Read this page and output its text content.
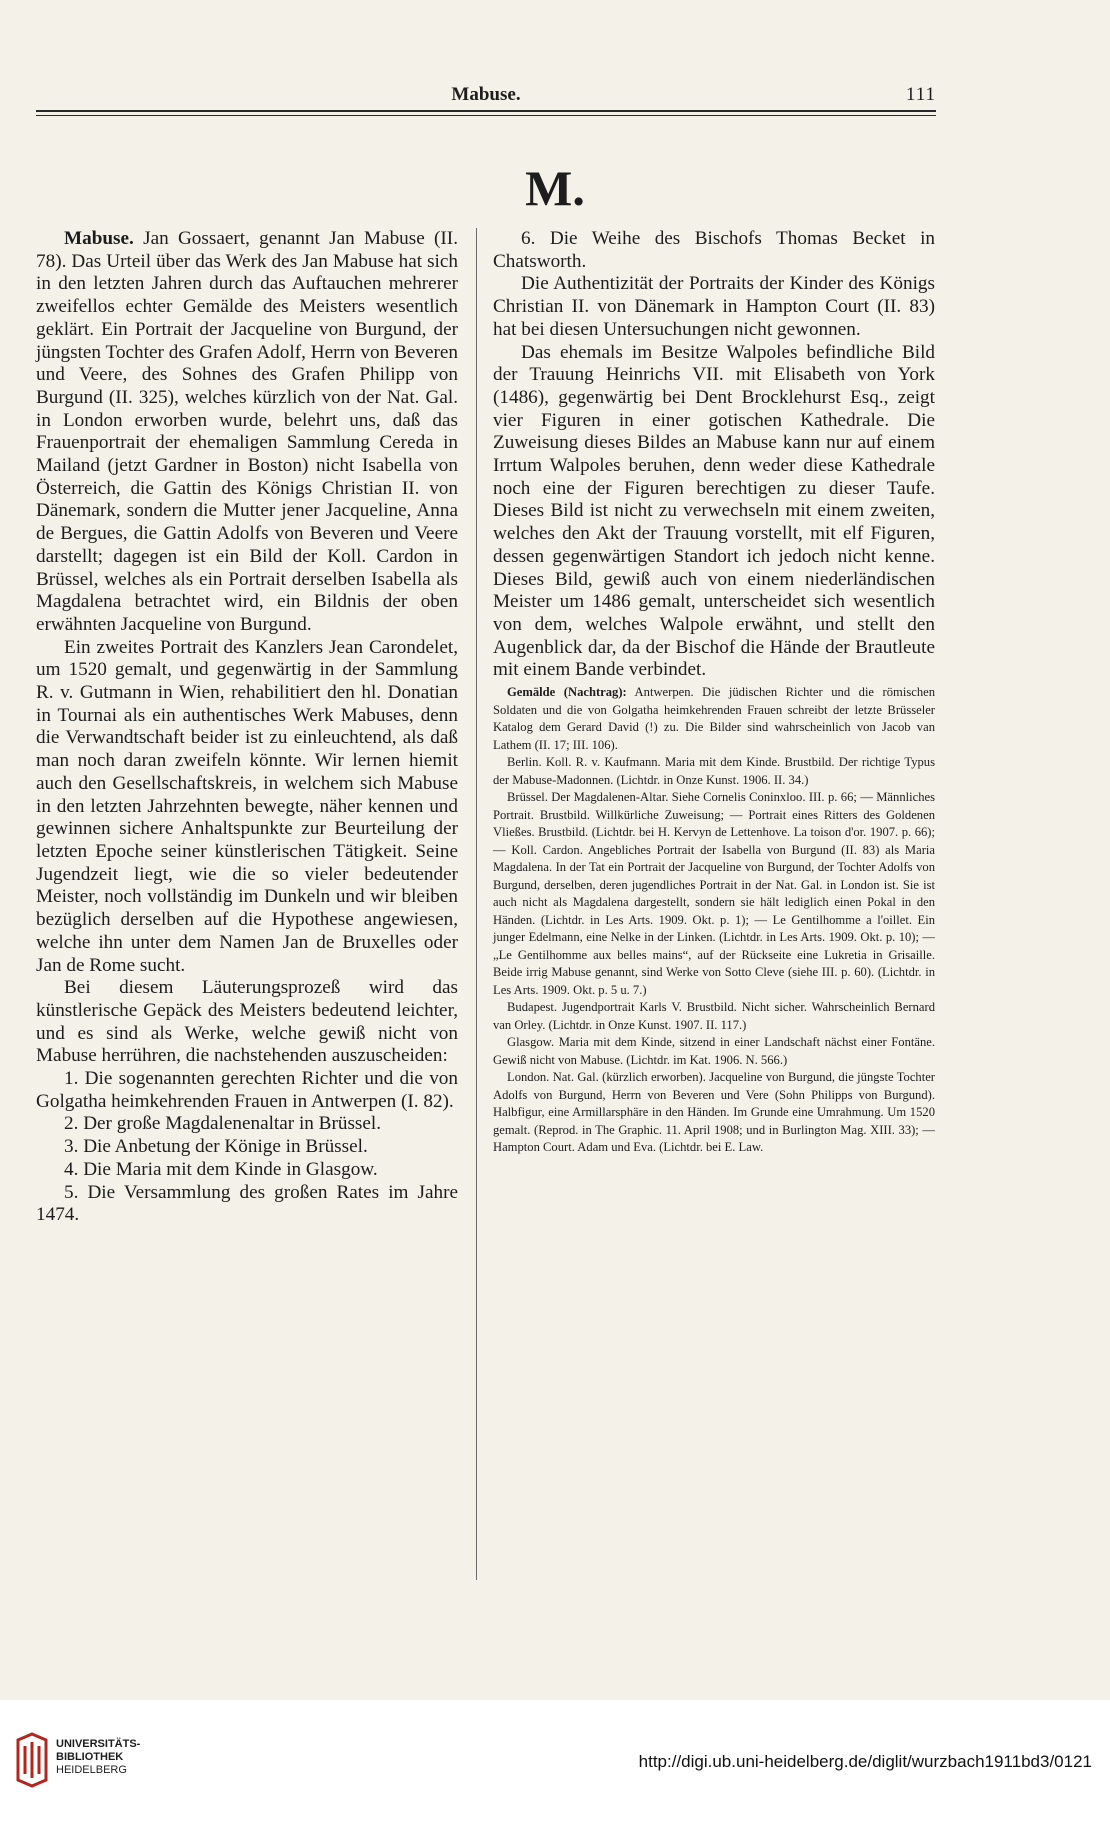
Mabuse.	111
M.

Mabuse. Jan Gossaert, genannt Jan Mabuse (II. 78). Das Urteil über das Werk des Jan Mabuse hat sich in den letzten Jahren durch das Auftauchen mehrerer zweifellos echter Gemälde des Meisters wesentlich geklärt. Ein Portrait der Jacqueline von Burgund, der jüngsten Tochter des Grafen Adolf, Herrn von Beveren und Veere, des Sohnes des Grafen Philipp von Burgund (II. 325), welches kürzlich von der Nat. Gal. in London erworben wurde, belehrt uns, daß das Frauenportrait der ehemaligen Sammlung Cereda in Mailand (jetzt Gardner in Boston) nicht Isabella von Österreich, die Gattin des Königs Christian II. von Dänemark, sondern die Mutter jener Jacqueline, Anna de Bergues, die Gattin Adolfs von Beveren und Veere darstellt; dagegen ist ein Bild der Koll. Cardon in Brüssel, welches als ein Portrait derselben Isabella als Magdalena betrachtet wird, ein Bildnis der oben erwähnten Jacqueline von Burgund.

Ein zweites Portrait des Kanzlers Jean Carondelet, um 1520 gemalt, und gegenwärtig in der Sammlung R. v. Gutmann in Wien, rehabilitiert den hl. Donatian in Tournai als ein authentisches Werk Mabuses, denn die Verwandtschaft beider ist zu einleuchtend, als daß man noch daran zweifeln könnte. Wir lernen hiemit auch den Gesellschaftskreis, in welchem sich Mabuse in den letzten Jahrzehnten bewegte, näher kennen und gewinnen sichere Anhaltspunkte zur Beurteilung der letzten Epoche seiner künstlerischen Tätigkeit. Seine Jugendzeit liegt, wie die so vieler bedeutender Meister, noch vollständig im Dunkeln und wir bleiben bezüglich derselben auf die Hypothese angewiesen, welche ihn unter dem Namen Jan de Bruxelles oder Jan de Rome sucht.

Bei diesem Läuterungsprozeß wird das künstlerische Gepäck des Meisters bedeutend leichter, und es sind als Werke, welche gewiß nicht von Mabuse herrühren, die nachstehenden auszuscheiden:

1. Die sogenannten gerechten Richter und die von Golgatha heimkehrenden Frauen in Antwerpen (I. 82).

2. Der große Magdalenenaltar in Brüssel.

3. Die Anbetung der Könige in Brüssel.

4. Die Maria mit dem Kinde in Glasgow.

5. Die Versammlung des großen Rates im Jahre 1474.

6. Die Weihe des Bischofs Thomas Becket in Chatsworth.

Die Authentizität der Portraits der Kinder des Königs Christian II. von Dänemark in Hampton Court (II. 83) hat bei diesen Untersuchungen nicht gewonnen.

Das ehemals im Besitze Walpoles befindliche Bild der Trauung Heinrichs VII. mit Elisabeth von York (1486), gegenwärtig bei Dent Brocklehurst Esq., zeigt vier Figuren in einer gotischen Kathedrale. Die Zuweisung dieses Bildes an Mabuse kann nur auf einem Irrtum Walpoles beruhen, denn weder diese Kathedrale noch eine der Figuren berechtigen zu dieser Taufe. Dieses Bild ist nicht zu verwechseln mit einem zweiten, welches den Akt der Trauung vorstellt, mit elf Figuren, dessen gegenwärtigen Standort ich jedoch nicht kenne. Dieses Bild, gewiß auch von einem niederländischen Meister um 1486 gemalt, unterscheidet sich wesentlich von dem, welches Walpole erwähnt, und stellt den Augenblick dar, da der Bischof die Hände der Brautleute mit einem Bande verbindet.

Gemälde (Nachtrag): Antwerpen. Die jüdischen Richter und die römischen Soldaten und die von Golgatha heimkehrenden Frauen schreibt der letzte Brüsseler Katalog dem Gerard David (!) zu. Die Bilder sind wahrscheinlich von Jacob van Lathem (II. 17; III. 106).

Berlin. Koll. R. v. Kaufmann. Maria mit dem Kinde. Brustbild. Der richtige Typus der Mabuse-Madonnen. (Lichtdr. in Onze Kunst. 1906. II. 34.)

Brüssel. Der Magdalenen-Altar. Siehe Cornelis Coninxloo. III. p. 66; — Männliches Portrait. Brustbild. Willkürliche Zuweisung; — Portrait eines Ritters des Goldenen Vließes. Brustbild. (Lichtdr. bei H. Kervyn de Lettenhove. La toison d'or. 1907. p. 66); — Koll. Cardon. Angebliches Portrait der Isabella von Burgund (II. 83) als Maria Magdalena. In der Tat ein Portrait der Jacqueline von Burgund, der Tochter Adolfs von Burgund, derselben, deren jugendliches Portrait in der Nat. Gal. in London ist. Sie ist auch nicht als Magdalena dargestellt, sondern sie hält lediglich einen Pokal in den Händen. (Lichtdr. in Les Arts. 1909. Okt. p. 1); — Le Gentilhomme a l'oillet. Ein junger Edelmann, eine Nelke in der Linken. (Lichtdr. in Les Arts. 1909. Okt. p. 10); — „Le Gentilhomme aux belles mains“, auf der Rückseite eine Lukretia in Grisaille. Beide irrig Mabuse genannt, sind Werke von Sotto Cleve (siehe III. p. 60). (Lichtdr. in Les Arts. 1909. Okt. p. 5 u. 7.)

Budapest. Jugendportrait Karls V. Brustbild. Nicht sicher. Wahrscheinlich Bernard van Orley. (Lichtdr. in Onze Kunst. 1907. II. 117.)

Glasgow. Maria mit dem Kinde, sitzend in einer Landschaft nächst einer Fontäne. Gewiß nicht von Mabuse. (Lichtdr. im Kat. 1906. N. 566.)

London. Nat. Gal. (kürzlich erworben). Jacqueline von Burgund, die jüngste Tochter Adolfs von Burgund, Herrn von Beveren und Vere (Sohn Philipps von Burgund). Halbfigur, eine Armillarsphäre in den Händen. Im Grunde eine Umrahmung. Um 1520 gemalt. (Reprod. in The Graphic. 11. April 1908; und in Burlington Mag. XIII. 33); — Hampton Court. Adam und Eva. (Lichtdr. bei E. Law.

UNIVERSITÄTS-
BIBLIOTHEK
HEIDELBERG	http://digi.ub.uni-heidelberg.de/diglit/wurzbach1911bd3/0121
